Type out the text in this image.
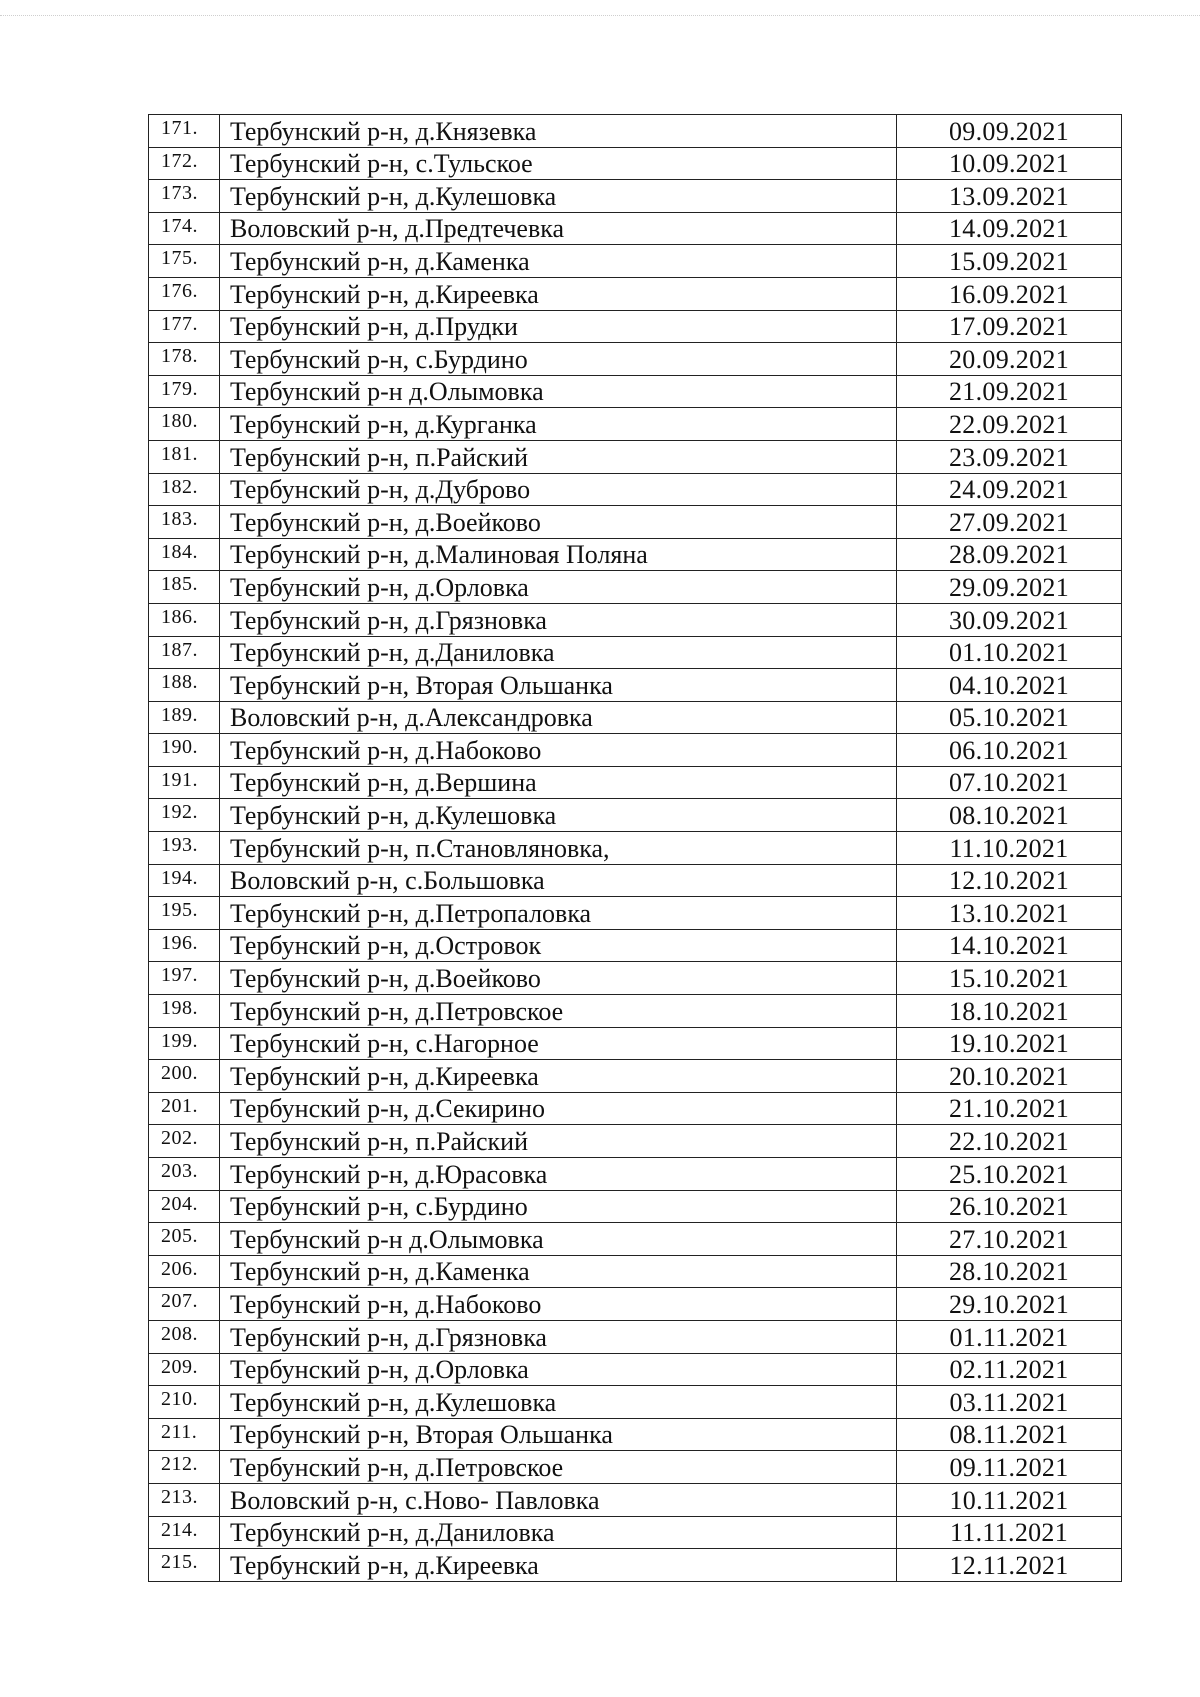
171.	Тербунский р-н, д.Князевка	09.09.2021
172.	Тербунский р-н, с.Тульское	10.09.2021
173.	Тербунский р-н, д.Кулешовка	13.09.2021
174.	Воловский р-н, д.Предтечевка	14.09.2021
175.	Тербунский р-н, д.Каменка	15.09.2021
176.	Тербунский р-н, д.Киреевка	16.09.2021
177.	Тербунский р-н, д.Прудки	17.09.2021
178.	Тербунский р-н, с.Бурдино	20.09.2021
179.	Тербунский р-н д.Олымовка	21.09.2021
180.	Тербунский р-н, д.Курганка	22.09.2021
181.	Тербунский р-н, п.Райский	23.09.2021
182.	Тербунский р-н, д.Дуброво	24.09.2021
183.	Тербунский р-н, д.Воейково	27.09.2021
184.	Тербунский р-н, д.Малиновая Поляна	28.09.2021
185.	Тербунский р-н, д.Орловка	29.09.2021
186.	Тербунский р-н, д.Грязновка	30.09.2021
187.	Тербунский р-н, д.Даниловка	01.10.2021
188.	Тербунский р-н, Вторая Ольшанка	04.10.2021
189.	Воловский р-н, д.Александровка	05.10.2021
190.	Тербунский р-н, д.Набоково	06.10.2021
191.	Тербунский р-н, д.Вершина	07.10.2021
192.	Тербунский р-н, д.Кулешовка	08.10.2021
193.	Тербунский р-н, п.Становляновка,	11.10.2021
194.	Воловский р-н, с.Большовка	12.10.2021
195.	Тербунский р-н, д.Петропаловка	13.10.2021
196.	Тербунский р-н, д.Островок	14.10.2021
197.	Тербунский р-н, д.Воейково	15.10.2021
198.	Тербунский р-н, д.Петровское	18.10.2021
199.	Тербунский р-н, с.Нагорное	19.10.2021
200.	Тербунский р-н, д.Киреевка	20.10.2021
201.	Тербунский р-н, д.Секирино	21.10.2021
202.	Тербунский р-н, п.Райский	22.10.2021
203.	Тербунский р-н, д.Юрасовка	25.10.2021
204.	Тербунский р-н, с.Бурдино	26.10.2021
205.	Тербунский р-н д.Олымовка	27.10.2021
206.	Тербунский р-н, д.Каменка	28.10.2021
207.	Тербунский р-н, д.Набоково	29.10.2021
208.	Тербунский р-н, д.Грязновка	01.11.2021
209.	Тербунский р-н, д.Орловка	02.11.2021
210.	Тербунский р-н, д.Кулешовка	03.11.2021
211.	Тербунский р-н, Вторая Ольшанка	08.11.2021
212.	Тербунский р-н, д.Петровское	09.11.2021
213.	Воловский р-н, с.Ново- Павловка	10.11.2021
214.	Тербунский р-н, д.Даниловка	11.11.2021
215.	Тербунский р-н, д.Киреевка	12.11.2021
